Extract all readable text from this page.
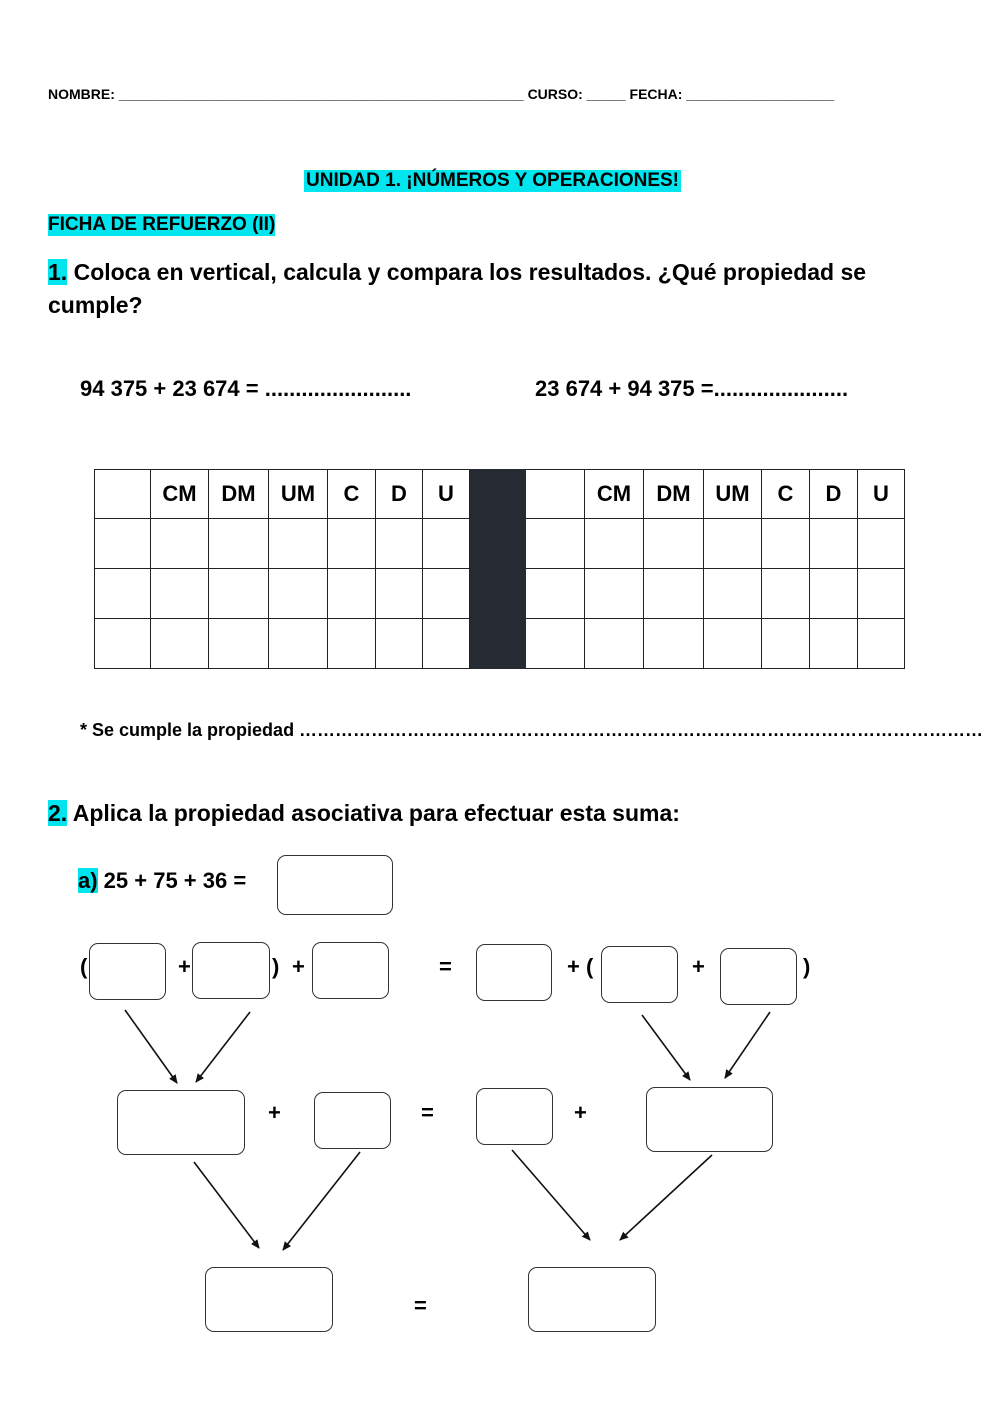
NOMBRE: ____________________________________________________ CURSO: _____ FECHA: ___________________
UNIDAD 1. ¡NÚMEROS Y OPERACIONES!
FICHA DE REFUERZO (II)
1. Coloca en vertical, calcula y compara los resultados. ¿Qué propiedad se cumple?
94 375 + 23 674 = ........................	23 674 + 94 375 =......................
	CM	DM	UM	C	D	U			CM	DM	UM	C	D	U

* Se cumple la propiedad ……………………………………………………………………………………………………
2. Aplica la propiedad asociativa para efectuar esta suma:
a) 25 + 75 + 36 =
(	+	) +	=	+ (	+	)
+	=	+
=
